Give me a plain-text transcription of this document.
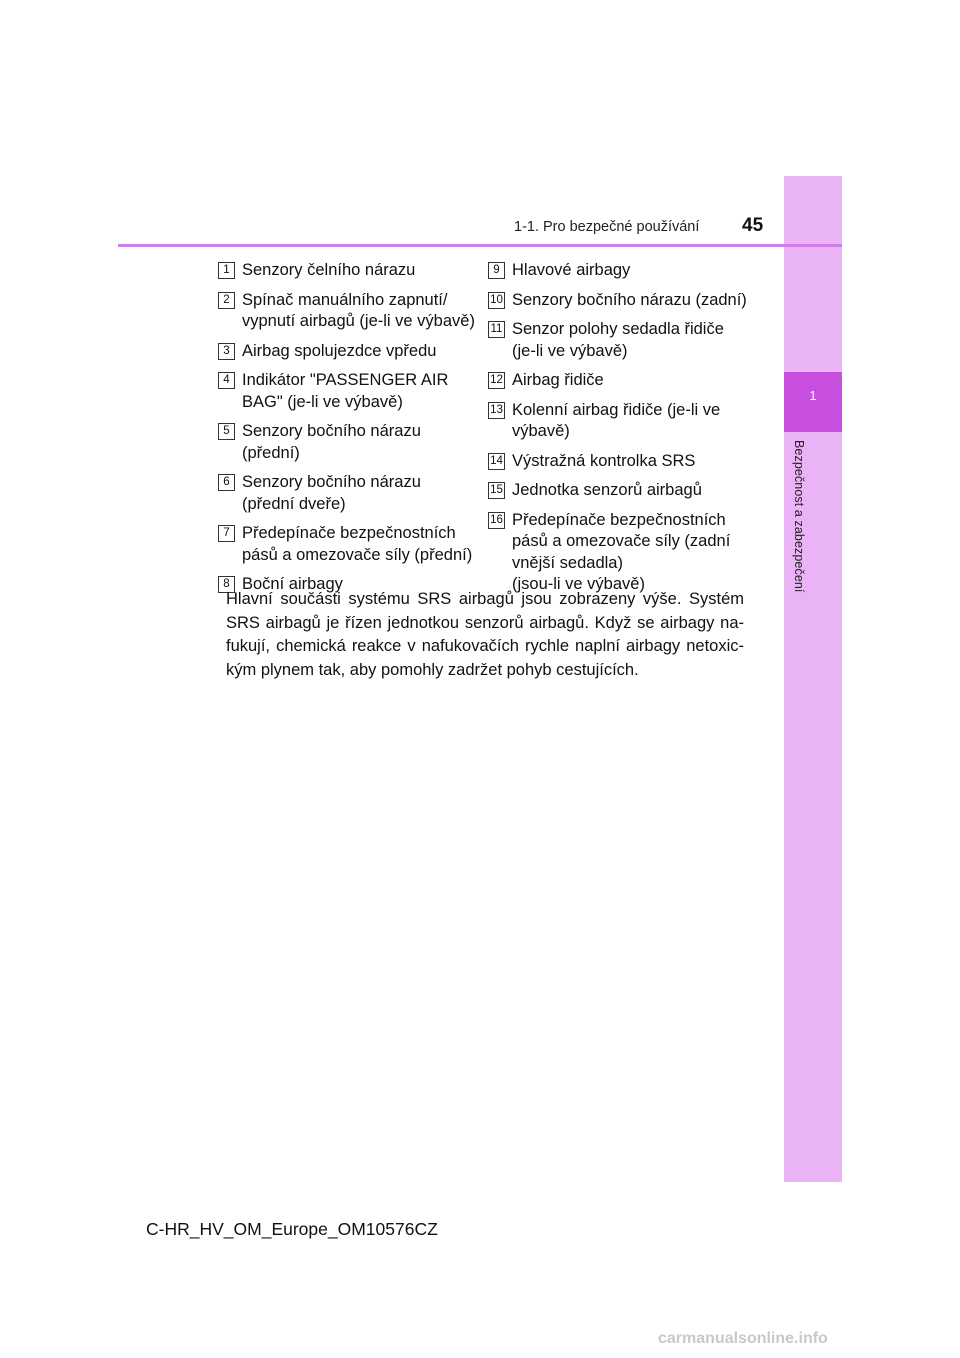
1
Bezpečnost a zabezpečení
1-1. Pro bezpečné používání 45
1 Senzory čelního nárazu
2 Spínač manuálního zapnutí/
vypnutí airbagů (je-li ve výbavě)
3 Airbag spolujezdce vpředu
4 Indikátor "PASSENGER AIR
BAG" (je-li ve výbavě)
5 Senzory bočního nárazu
(přední)
6 Senzory bočního nárazu
(přední dveře)
7 Předepínače bezpečnostních
pásů a omezovače síly (přední)
8 Boční airbagy
9 Hlavové airbagy
10 Senzory bočního nárazu (zadní)
11 Senzor polohy sedadla řidiče
(je-li ve výbavě)
12 Airbag řidiče
13 Kolenní airbag řidiče (je-li ve
výbavě)
14 Výstražná kontrolka SRS
15 Jednotka senzorů airbagů
16 Předepínače bezpečnostních
pásů a omezovače síly (zadní
vnější sedadla)
(jsou-li ve výbavě)
Hlavní součásti systému SRS airbagů jsou zobrazeny výše. Systém SRS airbagů je řízen jednotkou senzorů airbagů. Když se airbagy na-fukují, chemická reakce v nafukovačích rychle naplní airbagy netoxic-kým plynem tak, aby pomohly zadržet pohyb cestujících.
C-HR_HV_OM_Europe_OM10576CZ
carmanualsonline.info
